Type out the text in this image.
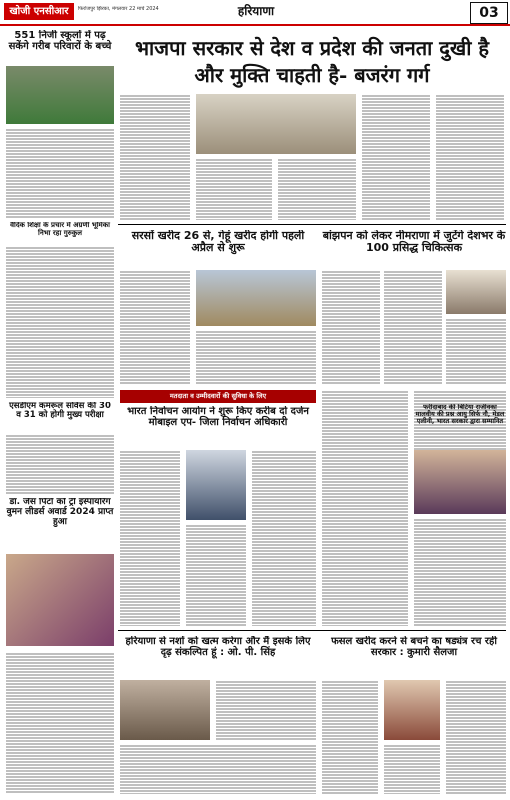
खोजी एनसीआर	फिरोजपुर झिरका, मंगलवार 22 मार्च 2024	हरियाणा	03
551 निजी स्कूलों में पढ़ सकेंगे गरीब परिवारों के बच्चे
वैदिक शिक्षा के प्रचार में अग्रणी भूमिका निभा रहा गुरुकुल
एसडीएम कमरूल सर्विस की 30 व 31 को होगी मुख्य परीक्षा
डॉ. जैस पिंटो को ट्री इंस्पायरिंग वुमन लीडर्स अवार्ड 2024 प्राप्त हुआ
भाजपा सरकार से देश व प्रदेश की जनता दुखी है और मुक्ति चाहती है- बजरंग गर्ग
सरसों खरीद 26 से, गेहूं खरीद होगी पहली अप्रैल से शुरू
बांझपन को लेकर नीमराणा में जुटेंगे देशभर के 100 प्रसिद्ध चिकित्सक
मतदाता व उम्मीदवारों की सुविधा के लिए
भारत निर्वाचन आयोग ने शुरू किए करीब दो दर्जन मोबाइल एप- जिला निर्वाचन अधिकारी
फरीदाबाद की बिटिया राजीवका मालवीय की प्रश्न आयु सिर्फ नौ, मेडल एलीनी, भारत सरकार द्वारा सम्मानित
हरियाणा से नशों को खत्म करेगा और मैं इसके लिए दृढ़ संकल्पित हूं : ओ. पी. सिंह
फसल खरीद करने से बचने का षड्यंत्र रच रही सरकार : कुमारी सैलजा
